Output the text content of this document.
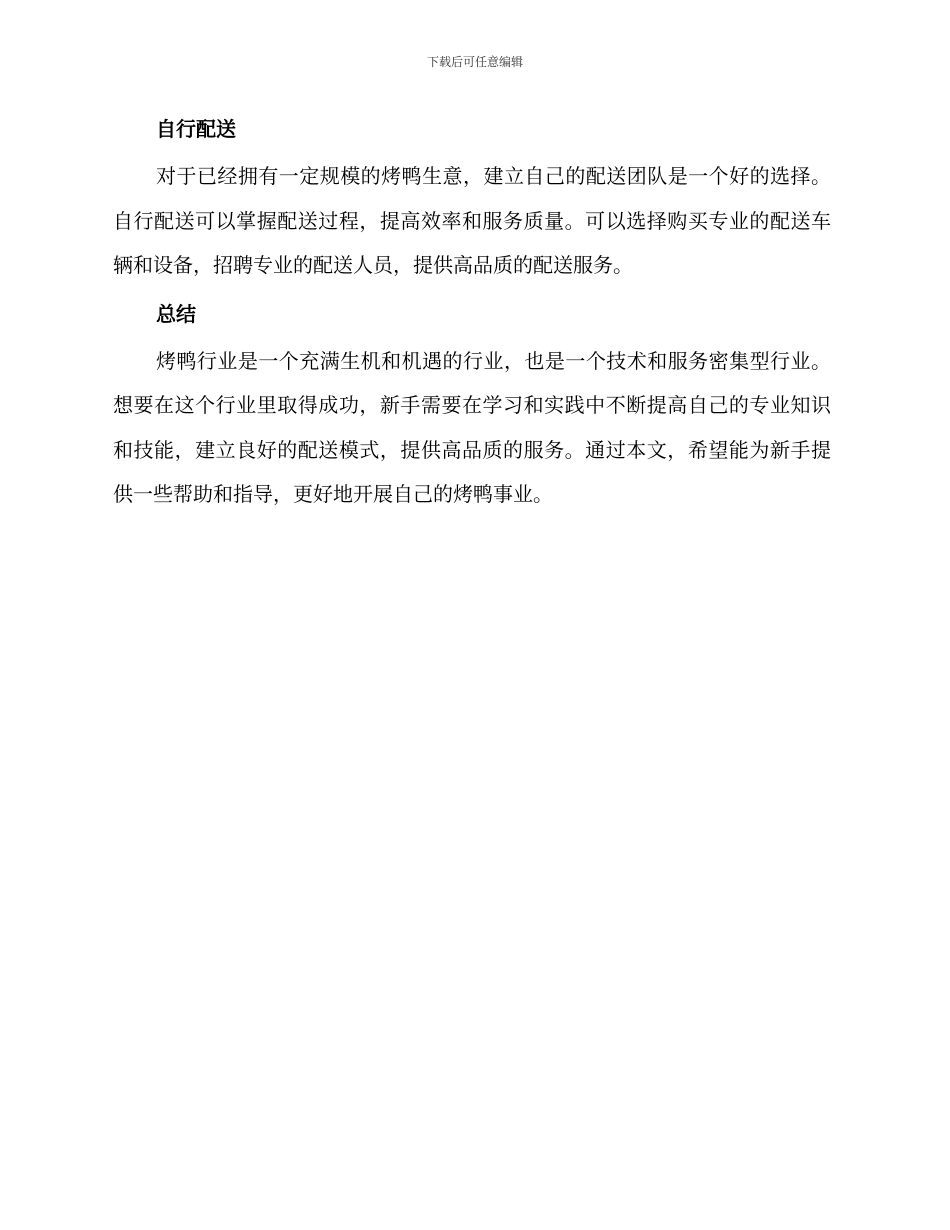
下载后可任意编辑
自行配送

对于已经拥有一定规模的烤鸭生意，建立自己的配送团队是一个好的选择。自行配送可以掌握配送过程，提高效率和服务质量。可以选择购买专业的配送车辆和设备，招聘专业的配送人员，提供高品质的配送服务。

总结

烤鸭行业是一个充满生机和机遇的行业，也是一个技术和服务密集型行业。想要在这个行业里取得成功，新手需要在学习和实践中不断提高自己的专业知识和技能，建立良好的配送模式，提供高品质的服务。通过本文，希望能为新手提供一些帮助和指导，更好地开展自己的烤鸭事业。
